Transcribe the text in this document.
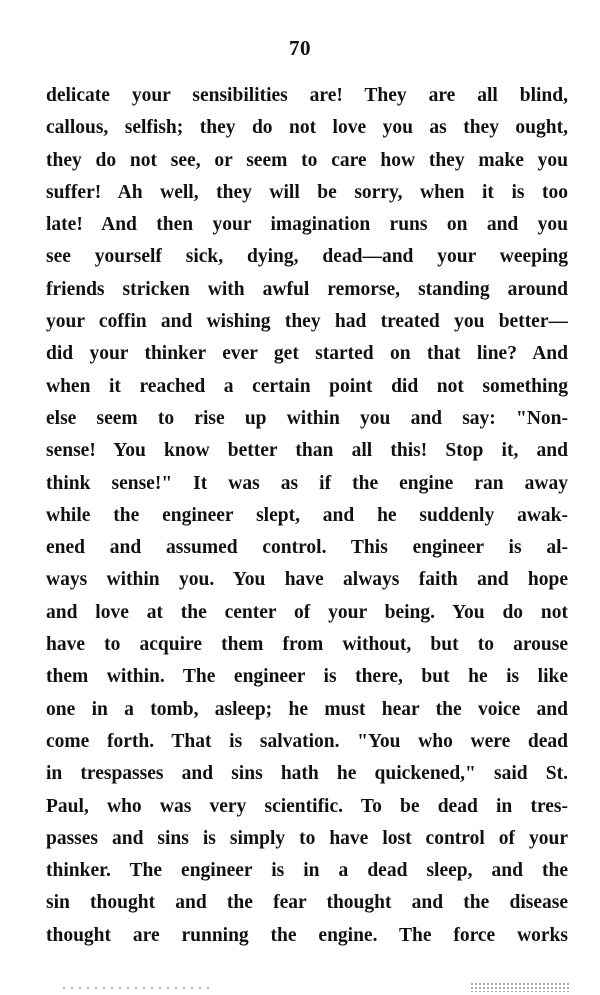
70
delicate your sensibilities are! They are all blind,
callous, selfish; they do not love you as they ought,
they do not see, or seem to care how they make you
suffer! Ah well, they will be sorry, when it is too
late! And then your imagination runs on and you
see yourself sick, dying, dead—and your weeping
friends stricken with awful remorse, standing around
your coffin and wishing they had treated you better—
did your thinker ever get started on that line? And
when it reached a certain point did not something
else seem to rise up within you and say: "Non-
sense! You know better than all this! Stop it, and
think sense!" It was as if the engine ran away
while the engineer slept, and he suddenly awak-
ened and assumed control. This engineer is al-
ways within you. You have always faith and hope
and love at the center of your being. You do not
have to acquire them from without, but to arouse
them within. The engineer is there, but he is like
one in a tomb, asleep; he must hear the voice and
come forth. That is salvation. "You who were dead
in trespasses and sins hath he quickened," said St.
Paul, who was very scientific. To be dead in tres-
passes and sins is simply to have lost control of your
thinker. The engineer is in a dead sleep, and the
sin thought and the fear thought and the disease
thought are running the engine. The force works
